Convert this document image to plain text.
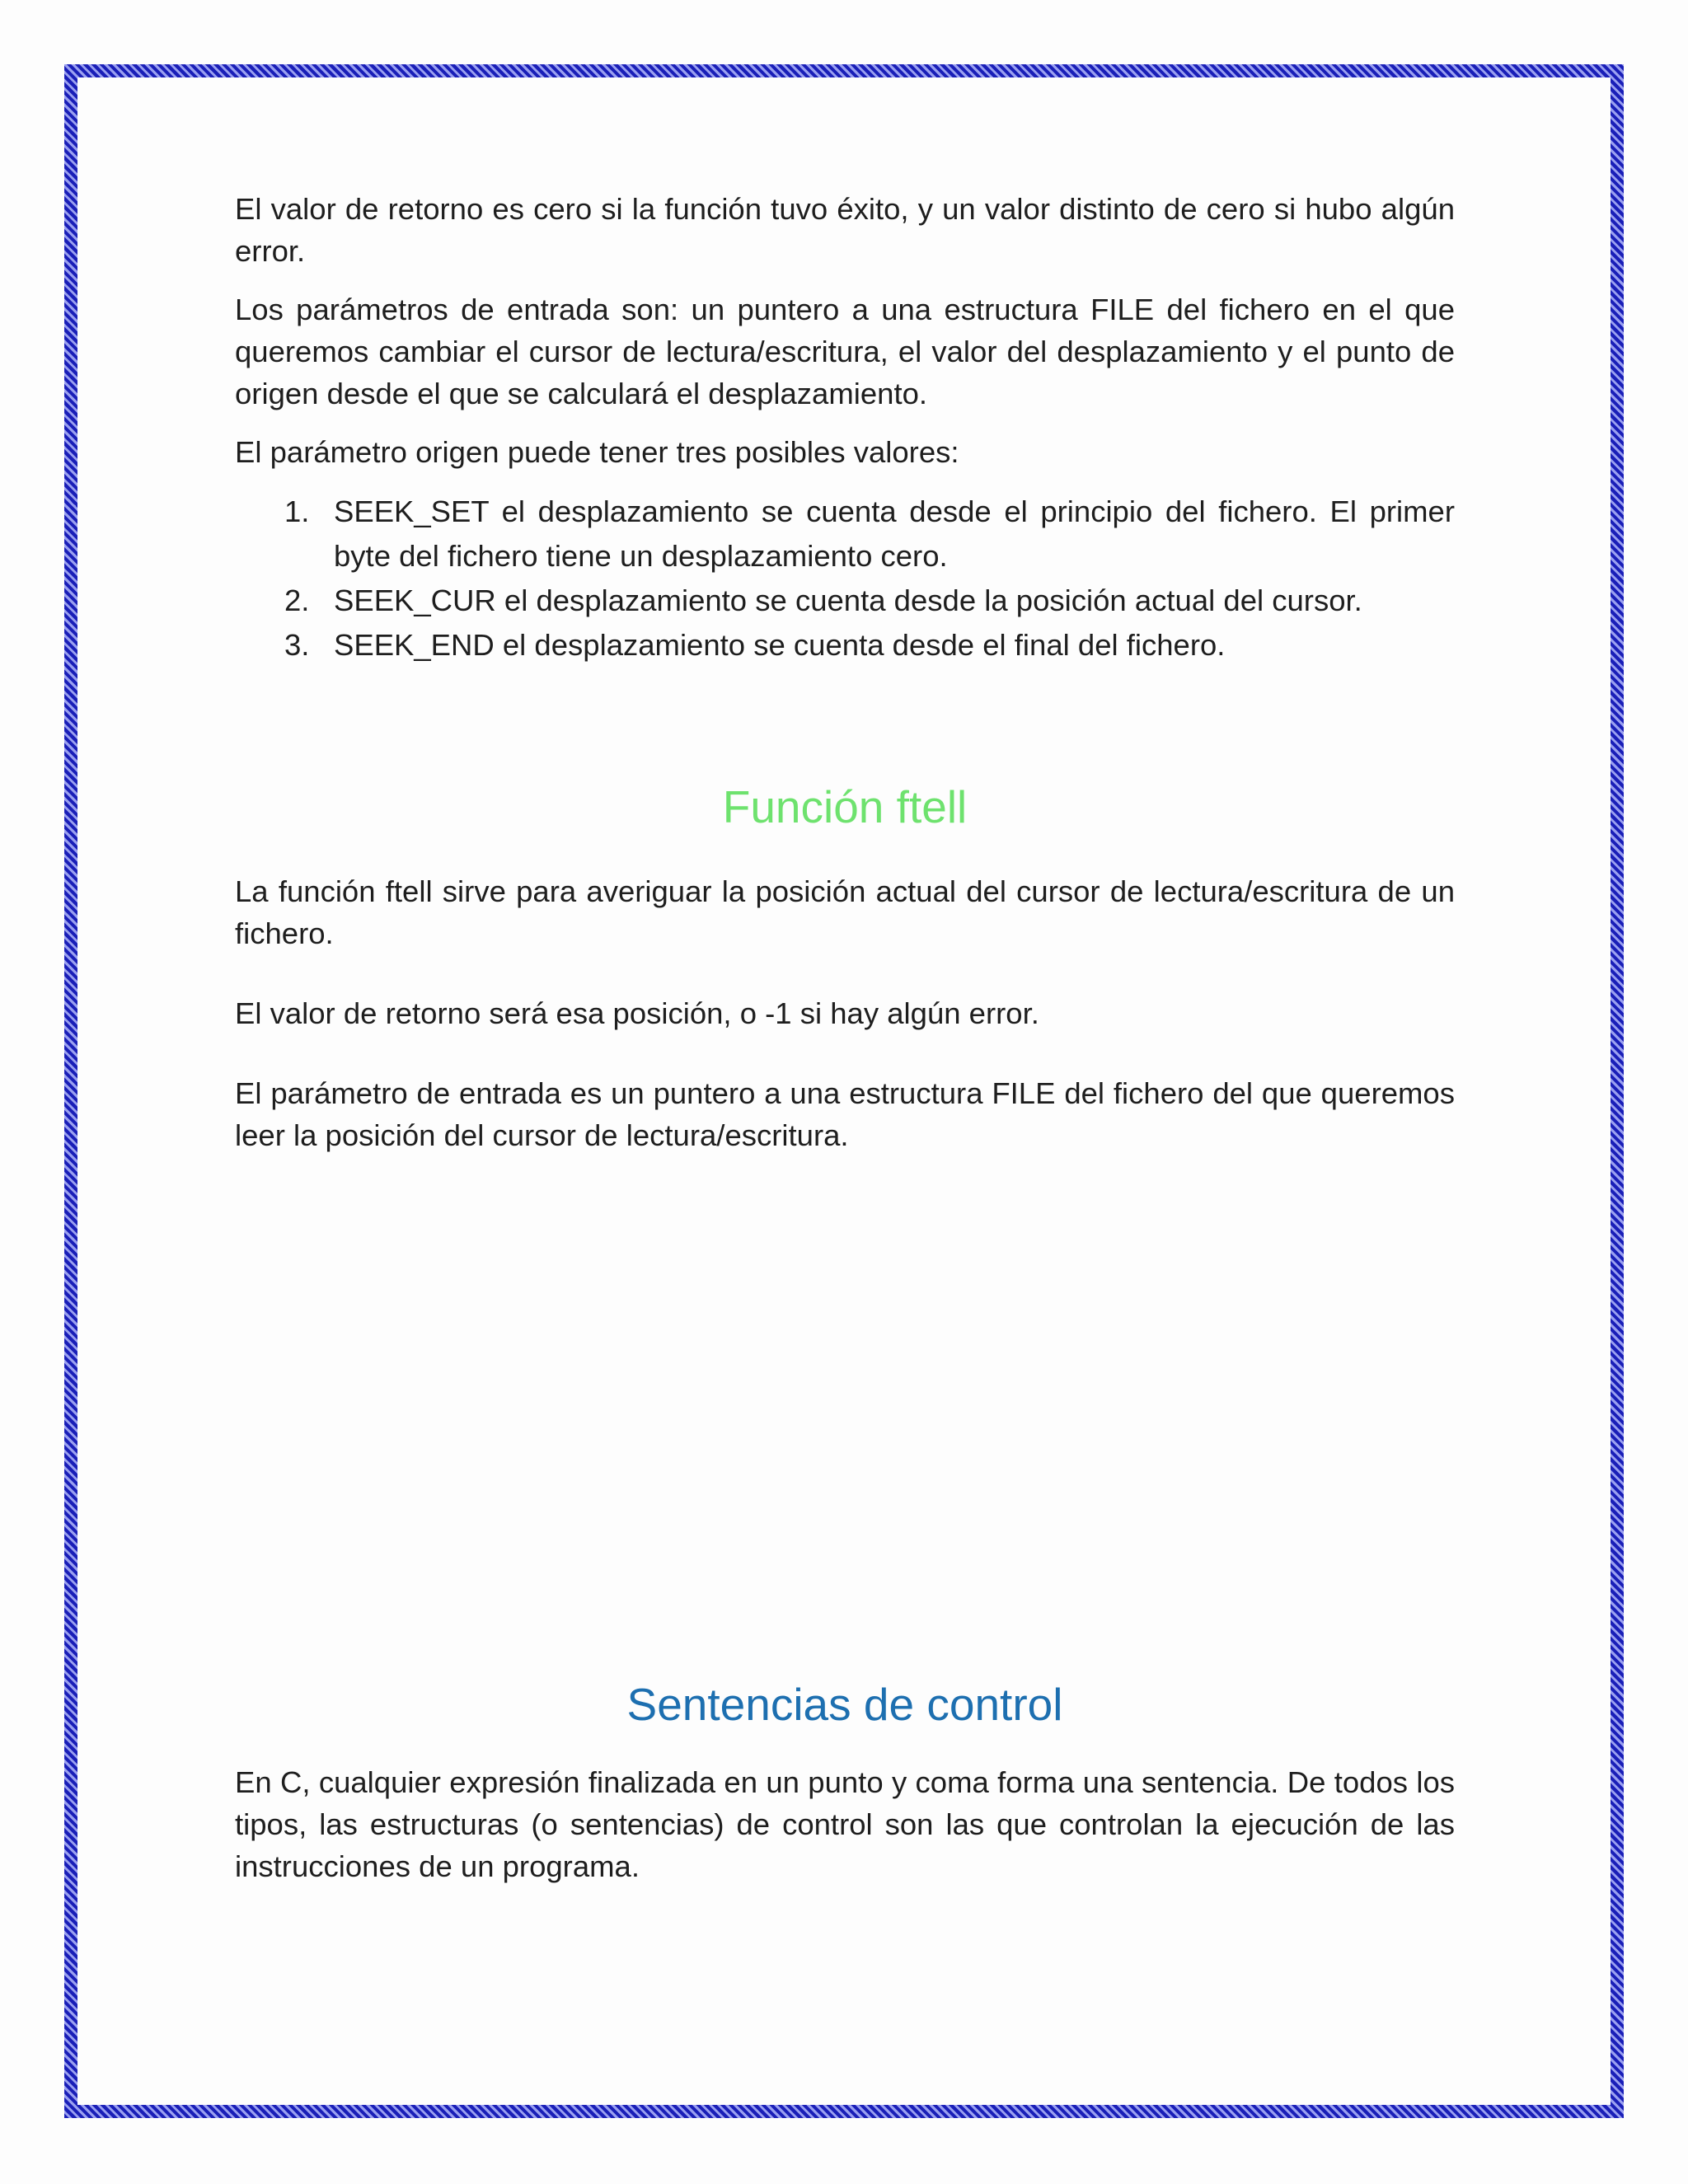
El valor de retorno es cero si la función tuvo éxito, y un valor distinto de cero si hubo algún error.

Los parámetros de entrada son: un puntero a una estructura FILE del fichero en el que queremos cambiar el cursor de lectura/escritura, el valor del desplazamiento y el punto de origen desde el que se calculará el desplazamiento.

El parámetro origen puede tener tres posibles valores:

1. SEEK_SET el desplazamiento se cuenta desde el principio del fichero. El primer byte del fichero tiene un desplazamiento cero.
2. SEEK_CUR el desplazamiento se cuenta desde la posición actual del cursor.
3. SEEK_END el desplazamiento se cuenta desde el final del fichero.
Función ftell

La función ftell sirve para averiguar la posición actual del cursor de lectura/escritura de un fichero.

El valor de retorno será esa posición, o -1 si hay algún error.

El parámetro de entrada es un puntero a una estructura FILE del fichero del que queremos leer la posición del cursor de lectura/escritura.

Sentencias de control

En C, cualquier expresión finalizada en un punto y coma forma una sentencia. De todos los tipos, las estructuras (o sentencias) de control son las que controlan la ejecución de las instrucciones de un programa.
